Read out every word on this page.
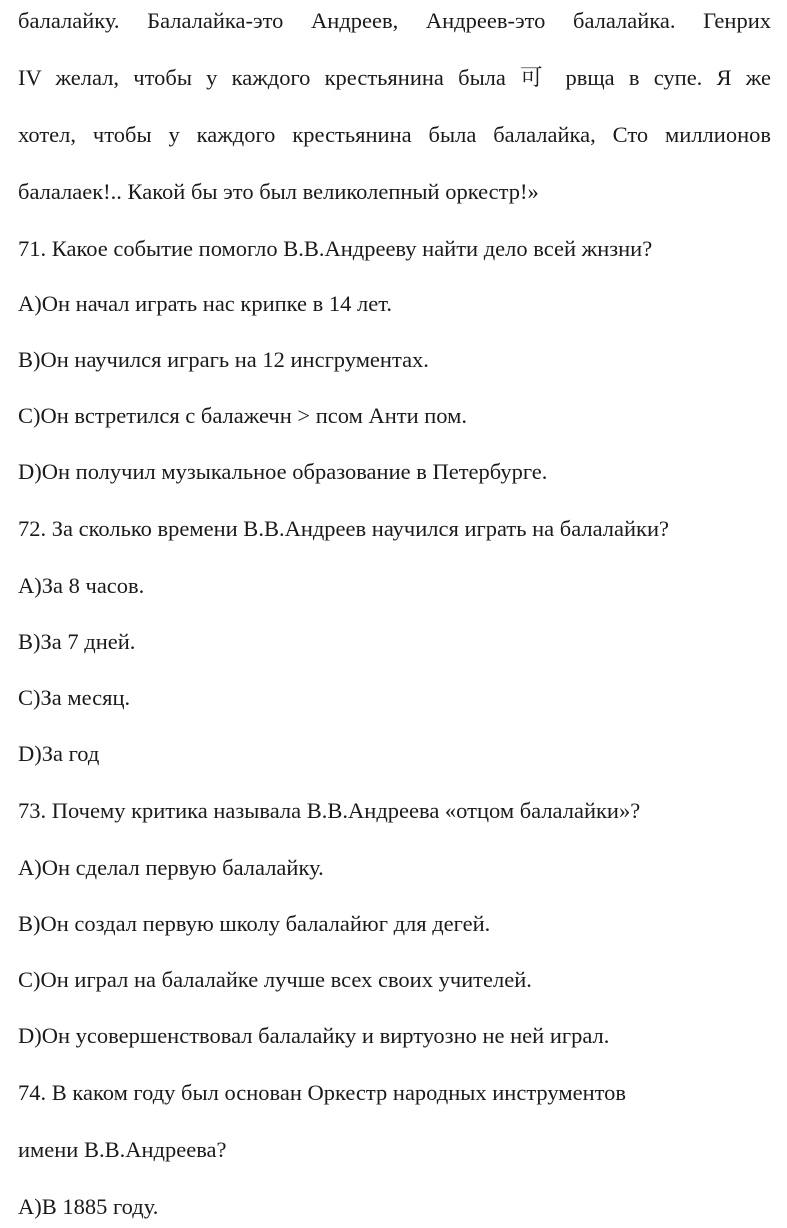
балалайку. Балалайка-это Андреев, Андреев-это балалайка. Генрих
IV желал, чтобы у каждого крестьянина была 可 рвща в супе. Я же
хотел, чтобы у каждого крестьянина была балалайка, Сто миллионов
балалаек!.. Какой бы это был великолепный оркестр!»
71. Какое событие помогло В.В.Андрееву найти дело всей жнзни?
A)Он начал играть нас крипке в 14 лет.
B)Он научился играгь на 12 инсгрументах.
C)Он встретился с балажечн > псом Анти пом.
D)Он получил музыкальное образование в Петербурге.
72. За сколько времени В.В.Андреев научился играть на балалайки?
A)За 8 часов.
B)За 7 дней.
C)За месяц.
D)За год
73. Почему критика называла В.В.Андреева «отцом балалайки»?
A)Он сделал первую балалайку.
B)Он создал первую школу балалайюг для дегей.
C)Он играл на балалайке лучше всех своих учителей.
D)Он усовершенствовал балалайку и виртуозно не ней играл.
74. В каком году был основан Оркестр народных инструментов
имени В.В.Андреева?
A)В 1885 году.
